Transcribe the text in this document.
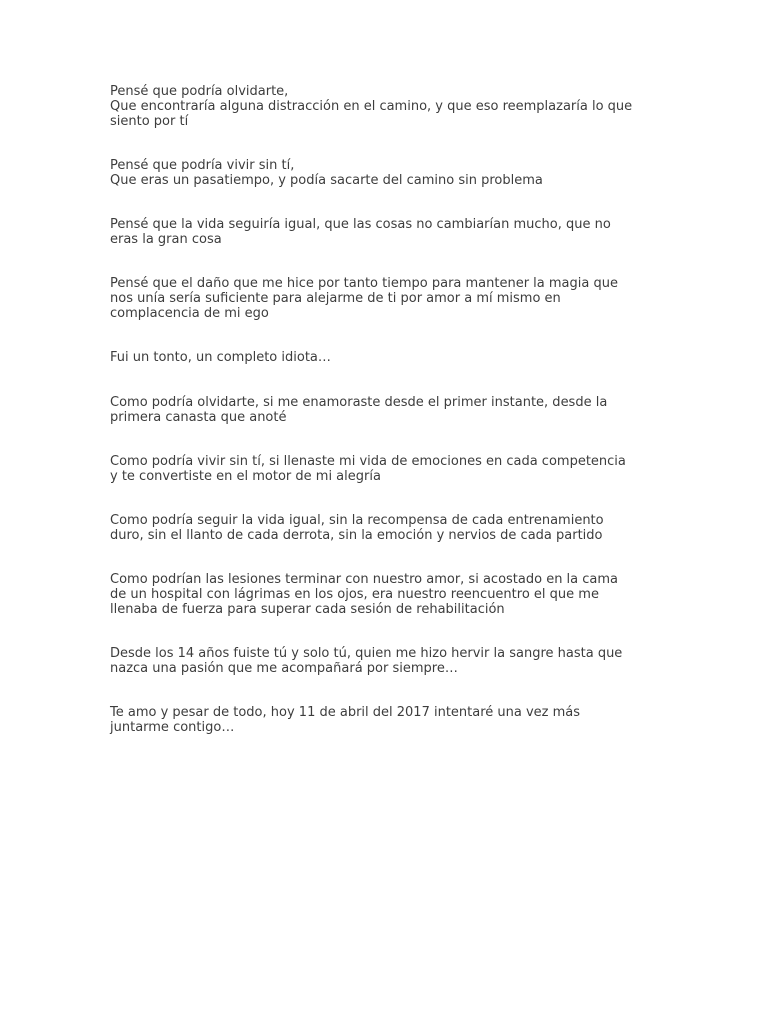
Pensé que podría olvidarte,
Que encontraría alguna distracción en el camino, y que eso reemplazaría lo que
siento por tí

Pensé que podría vivir sin tí,
Que eras un pasatiempo, y podía sacarte del camino sin problema

Pensé que la vida seguiría igual, que las cosas no cambiarían mucho, que no
eras la gran cosa

Pensé que el daño que me hice por tanto tiempo para mantener la magia que
nos unía sería suficiente para alejarme de ti por amor a mí mismo en
complacencia de mi ego

Fui un tonto, un completo idiota…

Como podría olvidarte, si me enamoraste desde el primer instante, desde la
primera canasta que anoté

Como podría vivir sin tí, si llenaste mi vida de emociones en cada competencia
y te convertiste en el motor de mi alegría

Como podría seguir la vida igual, sin la recompensa de cada entrenamiento
duro, sin el llanto de cada derrota, sin la emoción y nervios de cada partido

Como podrían las lesiones terminar con nuestro amor, si acostado en la cama
de un hospital con lágrimas en los ojos, era nuestro reencuentro el que me
llenaba de fuerza para superar cada sesión de rehabilitación

Desde los 14 años fuiste tú y solo tú, quien me hizo hervir la sangre hasta que
nazca una pasión que me acompañará por siempre…

Te amo y pesar de todo, hoy 11 de abril del 2017 intentaré una vez más
juntarme contigo…
